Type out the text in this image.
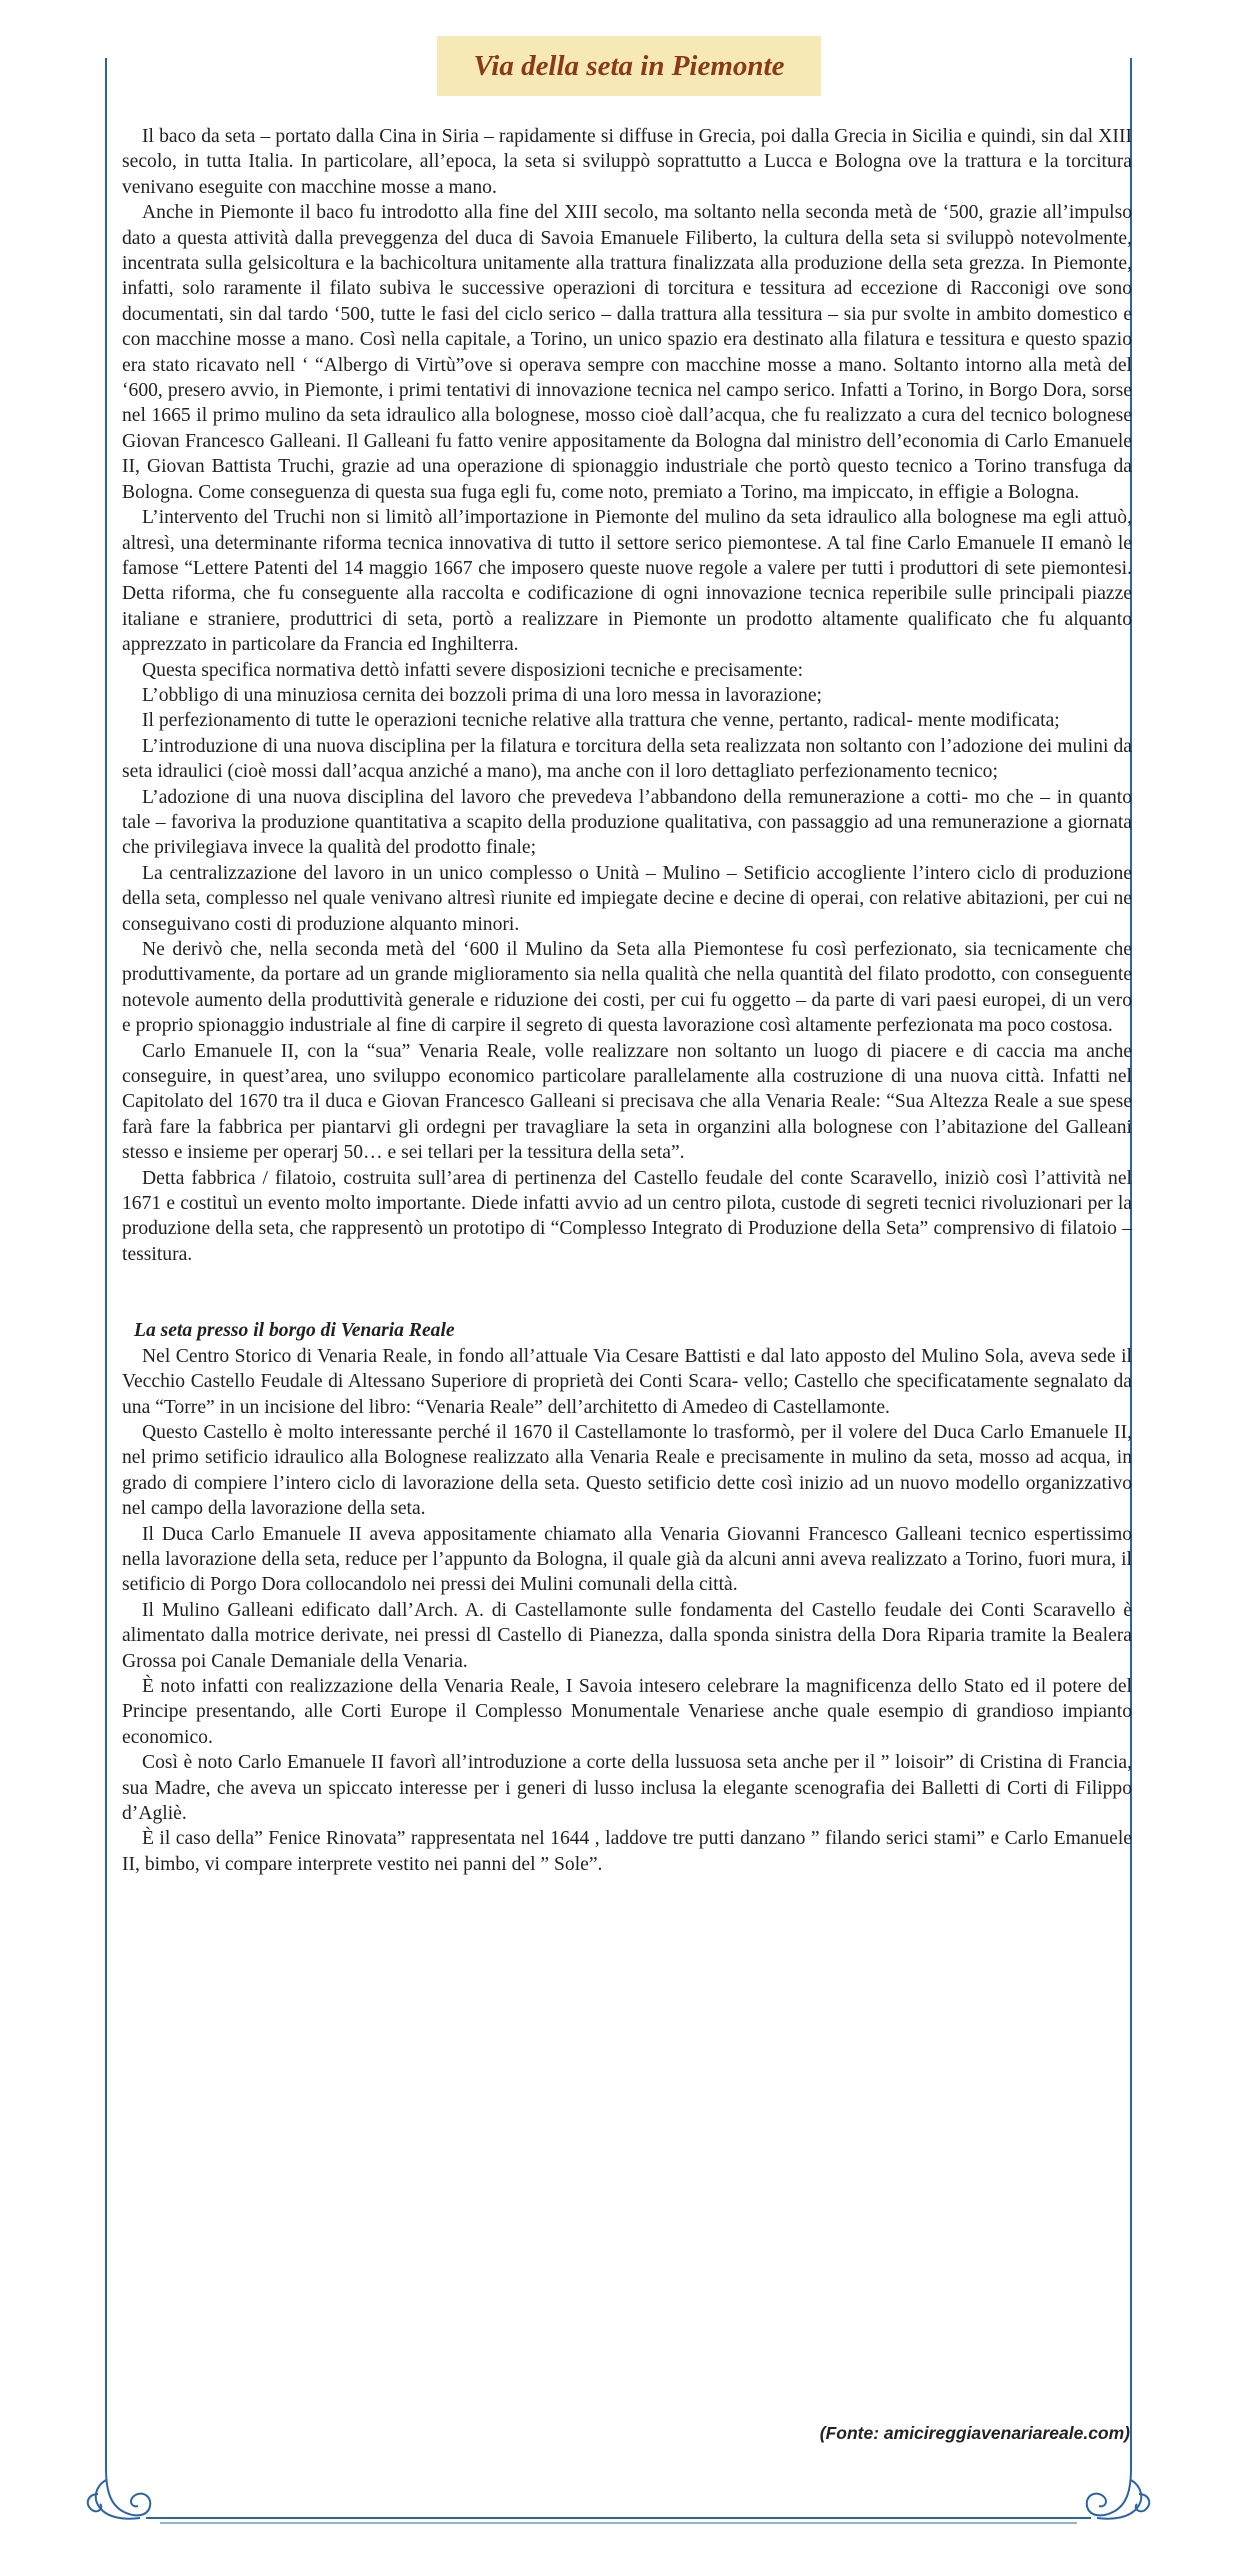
Via della seta in Piemonte

Il baco da seta – portato dalla Cina in Siria – rapidamente si diffuse in Grecia, poi dalla Grecia in Sicilia e quindi, sin dal XIII secolo, in tutta Italia. In particolare, all’epoca, la seta si sviluppò soprattutto a Lucca e Bologna ove la trattura e la torcitura venivano eseguite con macchine mosse a mano.

Anche in Piemonte il baco fu introdotto alla fine del XIII secolo, ma soltanto nella seconda metà de ‘500, grazie all’impulso dato a questa attività dalla preveggenza del duca di Savoia Emanuele Filiberto, la cultura della seta si sviluppò notevolmente, incentrata sulla gelsicoltura e la bachicoltura unitamente alla trattura finalizzata alla produzione della seta grezza. In Piemonte, infatti, solo raramente il filato subiva le successive operazioni di torcitura e tessitura ad eccezione di Racconigi ove sono documentati, sin dal tardo ‘500, tutte le fasi del ciclo serico – dalla trattura alla tessitura – sia pur svolte in ambito domestico e con macchine mosse a mano. Così nella capitale, a Torino, un unico spazio era destinato alla filatura e tessitura e questo spazio era stato ricavato nell ‘ “Albergo di Virtù”ove si operava sempre con macchine mosse a mano. Soltanto intorno alla metà del ‘600, presero avvio, in Piemonte, i primi tentativi di innovazione tecnica nel campo serico. Infatti a Torino, in Borgo Dora, sorse nel 1665 il primo mulino da seta idraulico alla bolognese, mosso cioè dall’acqua, che fu realizzato a cura del tecnico bolognese Giovan Francesco Galleani. Il Galleani fu fatto venire appositamente da Bologna dal ministro dell’economia di Carlo Emanuele II, Giovan Battista Truchi, grazie ad una operazione di spionaggio industriale che portò questo tecnico a Torino transfuga da Bologna. Come conseguenza di questa sua fuga egli fu, come noto, premiato a Torino, ma impiccato, in effigie a Bologna.

L’intervento del Truchi non si limitò all’importazione in Piemonte del mulino da seta idraulico alla bolognese ma egli attuò, altresì, una determinante riforma tecnica innovativa di tutto il settore serico piemontese. A tal fine Carlo Emanuele II emanò le famose “Lettere Patenti del 14 maggio 1667 che imposero queste nuove regole a valere per tutti i produttori di sete piemontesi. Detta riforma, che fu conseguente alla raccolta e codificazione di ogni innovazione tecnica reperibile sulle principali piazze italiane e straniere, produttrici di seta, portò a realizzare in Piemonte un prodotto altamente qualificato che fu alquanto apprezzato in particolare da Francia ed Inghilterra.

Questa specifica normativa dettò infatti severe disposizioni tecniche e precisamente:

L’obbligo di una minuziosa cernita dei bozzoli prima di una loro messa in lavorazione;

Il perfezionamento di tutte le operazioni tecniche relative alla trattura che venne, pertanto, radical- mente modificata;

L’introduzione di una nuova disciplina per la filatura e torcitura della seta realizzata non soltanto con l’adozione dei mulini da seta idraulici (cioè mossi dall’acqua anziché a mano), ma anche con il loro dettagliato perfezionamento tecnico;

L’adozione di una nuova disciplina del lavoro che prevedeva l’abbandono della remunerazione a cotti- mo che – in quanto tale – favoriva la produzione quantitativa a scapito della produzione qualitativa, con passaggio ad una remunerazione a giornata che privilegiava invece la qualità del prodotto finale;

La centralizzazione del lavoro in un unico complesso o Unità – Mulino – Setificio accogliente l’intero ciclo di produzione della seta, complesso nel quale venivano altresì riunite ed impiegate decine e decine di operai, con relative abitazioni, per cui ne conseguivano costi di produzione alquanto minori.

Ne derivò che, nella seconda metà del ‘600 il Mulino da Seta alla Piemontese fu così perfezionato, sia tecnicamente che produttivamente, da portare ad un grande miglioramento sia nella qualità che nella quantità del filato prodotto, con conseguente notevole aumento della produttività generale e riduzione dei costi, per cui fu oggetto – da parte di vari paesi europei, di un vero e proprio spionaggio industriale al fine di carpire il segreto di questa lavorazione così altamente perfezionata ma poco costosa.

Carlo Emanuele II, con la “sua” Venaria Reale, volle realizzare non soltanto un luogo di piacere e di caccia ma anche conseguire, in quest’area, uno sviluppo economico particolare parallelamente alla costruzione di una nuova città. Infatti nel Capitolato del 1670 tra il duca e Giovan Francesco Galleani si precisava che alla Venaria Reale: “Sua Altezza Reale a sue spese farà fare la fabbrica per piantarvi gli ordegni per travagliare la seta in organzini alla bolognese con l’abitazione del Galleani stesso e insieme per operarj 50… e sei tellari per la tessitura della seta”.

Detta fabbrica / filatoio, costruita sull’area di pertinenza del Castello feudale del conte Scaravello, iniziò così l’attività nel 1671 e costituì un evento molto importante. Diede infatti avvio ad un centro pilota, custode di segreti tecnici rivoluzionari per la produzione della seta, che rappresentò un prototipo di “Complesso Integrato di Produzione della Seta” comprensivo di filatoio – tessitura.

La seta presso il borgo di Venaria Reale

Nel Centro Storico di Venaria Reale, in fondo all’attuale Via Cesare Battisti e dal lato apposto del Mulino Sola, aveva sede il Vecchio Castello Feudale di Altessano Superiore di proprietà dei Conti Scara- vello; Castello che specificatamente segnalato da una “Torre” in un incisione del libro: “Venaria Reale” dell’architetto di Amedeo di Castellamonte.

Questo Castello è molto interessante perché il 1670 il Castellamonte lo trasformò, per il volere del Duca Carlo Emanuele II, nel primo setificio idraulico alla Bolognese realizzato alla Venaria Reale e precisamente in mulino da seta, mosso ad acqua, in grado di compiere l’intero ciclo di lavorazione della seta. Questo setificio dette così inizio ad un nuovo modello organizzativo nel campo della lavorazione della seta.

Il Duca Carlo Emanuele II aveva appositamente chiamato alla Venaria Giovanni Francesco Galleani tecnico espertissimo nella lavorazione della seta, reduce per l’appunto da Bologna, il quale già da alcuni anni aveva realizzato a Torino, fuori mura, il setificio di Porgo Dora collocandolo nei pressi dei Mulini comunali della città.

Il Mulino Galleani edificato dall’Arch. A. di Castellamonte sulle fondamenta del Castello feudale dei Conti Scaravello è alimentato dalla motrice derivate, nei pressi dl Castello di Pianezza, dalla sponda sinistra della Dora Riparia tramite la Bealera Grossa poi Canale Demaniale della Venaria.

È noto infatti con realizzazione della Venaria Reale, I Savoia intesero celebrare la magnificenza dello Stato ed il potere del Principe presentando, alle Corti Europe il Complesso Monumentale Venariese anche quale esempio di grandioso impianto economico.

Così è noto Carlo Emanuele II favorì all’introduzione a corte della lussuosa seta anche per il ” loisoir” di Cristina di Francia, sua Madre, che aveva un spiccato interesse per i generi di lusso inclusa la elegante scenografia dei Balletti di Corti di Filippo d’Agliè.

È il caso della” Fenice Rinovata” rappresentata nel 1644 , laddove tre putti danzano ” filando serici stami” e Carlo Emanuele II, bimbo, vi compare interprete vestito nei panni del ” Sole”.

(Fonte: amicireggiavenariareale.com)
